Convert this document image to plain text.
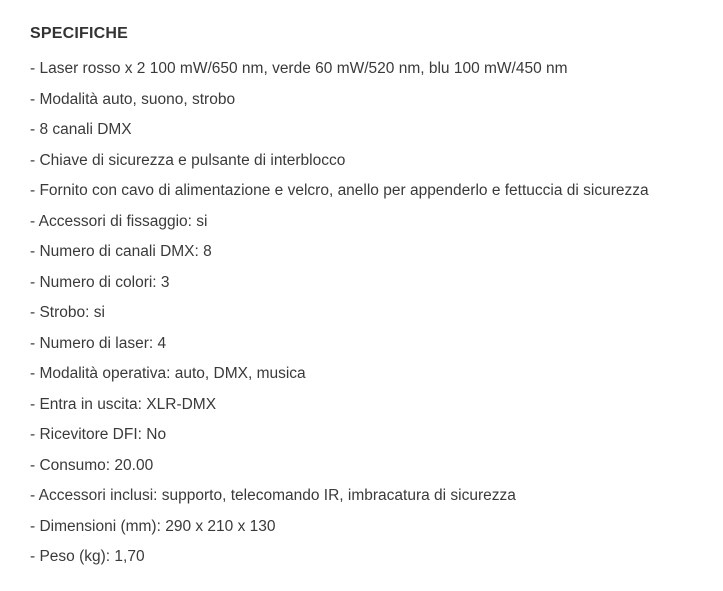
SPECIFICHE
- Laser rosso x 2 100 mW/650 nm, verde 60 mW/520 nm, blu 100 mW/450 nm
- Modalità auto, suono, strobo
- 8 canali DMX
- Chiave di sicurezza e pulsante di interblocco
- Fornito con cavo di alimentazione e velcro, anello per appenderlo e fettuccia di sicurezza
- Accessori di fissaggio: si
- Numero di canali DMX: 8
- Numero di colori: 3
- Strobo: si
- Numero di laser: 4
- Modalità operativa: auto, DMX, musica
- Entra in uscita: XLR-DMX
- Ricevitore DFI: No
- Consumo: 20.00
- Accessori inclusi: supporto, telecomando IR, imbracatura di sicurezza
- Dimensioni (mm): 290 x 210 x 130
- Peso (kg): 1,70
